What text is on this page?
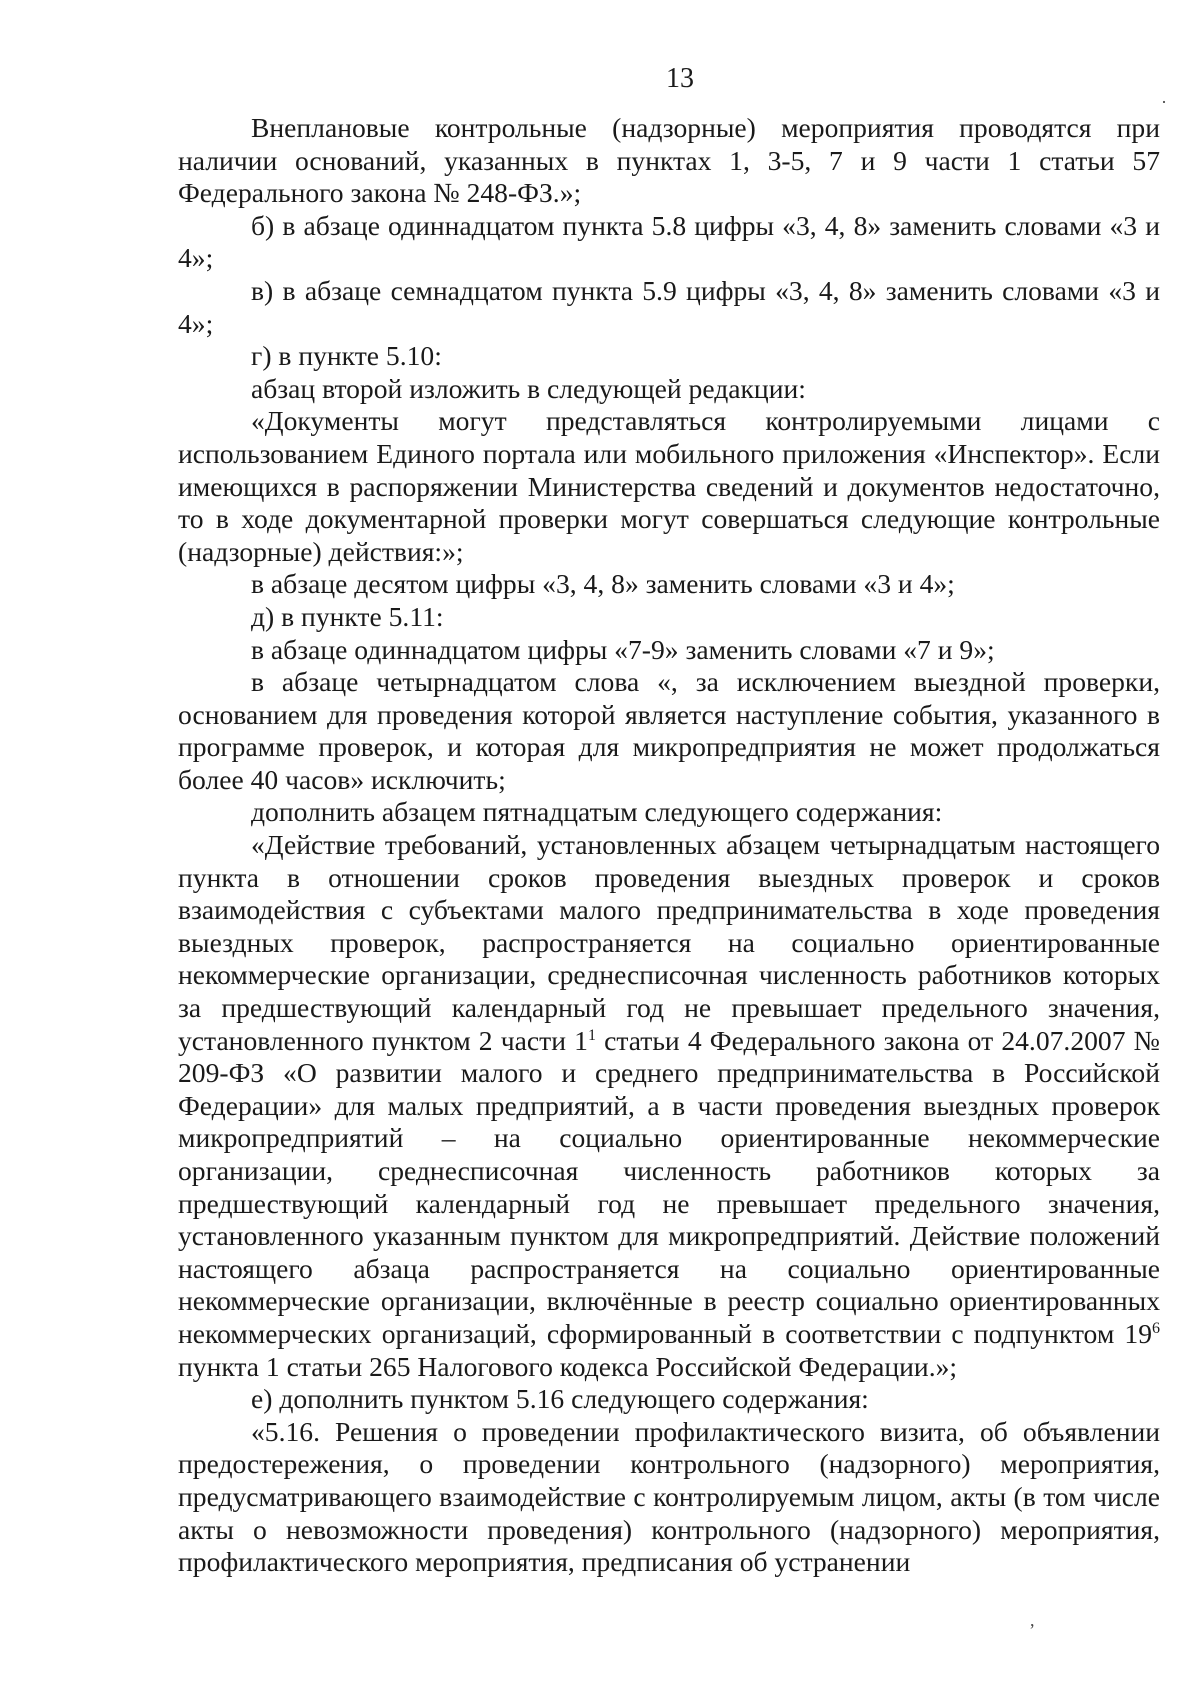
13
·
,

Внеплановые контрольные (надзорные) мероприятия проводятся при наличии оснований, указанных в пунктах 1, 3-5, 7 и 9 части 1 статьи 57 Федерального закона № 248-ФЗ.»;

б) в абзаце одиннадцатом пункта 5.8 цифры «3, 4, 8» заменить словами «3 и 4»;

в) в абзаце семнадцатом пункта 5.9 цифры «3, 4, 8» заменить словами «3 и 4»;

г) в пункте 5.10:

абзац второй изложить в следующей редакции:

«Документы могут представляться контролируемыми лицами с использованием Единого портала или мобильного приложения «Инспектор». Если имеющихся в распоряжении Министерства сведений и документов недостаточно, то в ходе документарной проверки могут совершаться следующие контрольные (надзорные) действия:»;

в абзаце десятом цифры «3, 4, 8» заменить словами «3 и 4»;

д) в пункте 5.11:

в абзаце одиннадцатом цифры «7-9» заменить словами «7 и 9»;

в абзаце четырнадцатом слова «, за исключением выездной проверки, основанием для проведения которой является наступление события, указанного в программе проверок, и которая для микропредприятия не может продолжаться более 40 часов» исключить;

дополнить абзацем пятнадцатым следующего содержания:

«Действие требований, установленных абзацем четырнадцатым настоящего пункта в отношении сроков проведения выездных проверок и сроков взаимодействия с субъектами малого предпринимательства в ходе проведения выездных проверок, распространяется на социально ориентированные некоммерческие организации, среднесписочная численность работников которых за предшествующий календарный год не превышает предельного значения, установленного пунктом 2 части $1^1$ статьи 4 Федерального закона от 24.07.2007 № 209-ФЗ «О развитии малого и среднего предпринимательства в Российской Федерации» для малых предприятий, а в части проведения выездных проверок микропредприятий – на социально ориентированные некоммерческие организации, среднесписочная численность работников которых за предшествующий календарный год не превышает предельного значения, установленного указанным пунктом для микропредприятий. Действие положений настоящего абзаца распространяется на социально ориентированные некоммерческие организации, включённые в реестр социально ориентированных некоммерческих организаций, сформированный в соответствии с подпунктом $19^6$ пункта 1 статьи 265 Налогового кодекса Российской Федерации.»;

е) дополнить пунктом 5.16 следующего содержания:

«5.16. Решения о проведении профилактического визита, об объявлении предостережения, о проведении контрольного (надзорного) мероприятия, предусматривающего взаимодействие с контролируемым лицом, акты (в том числе акты о невозможности проведения) контрольного (надзорного) мероприятия, профилактического мероприятия, предписания об устранении
